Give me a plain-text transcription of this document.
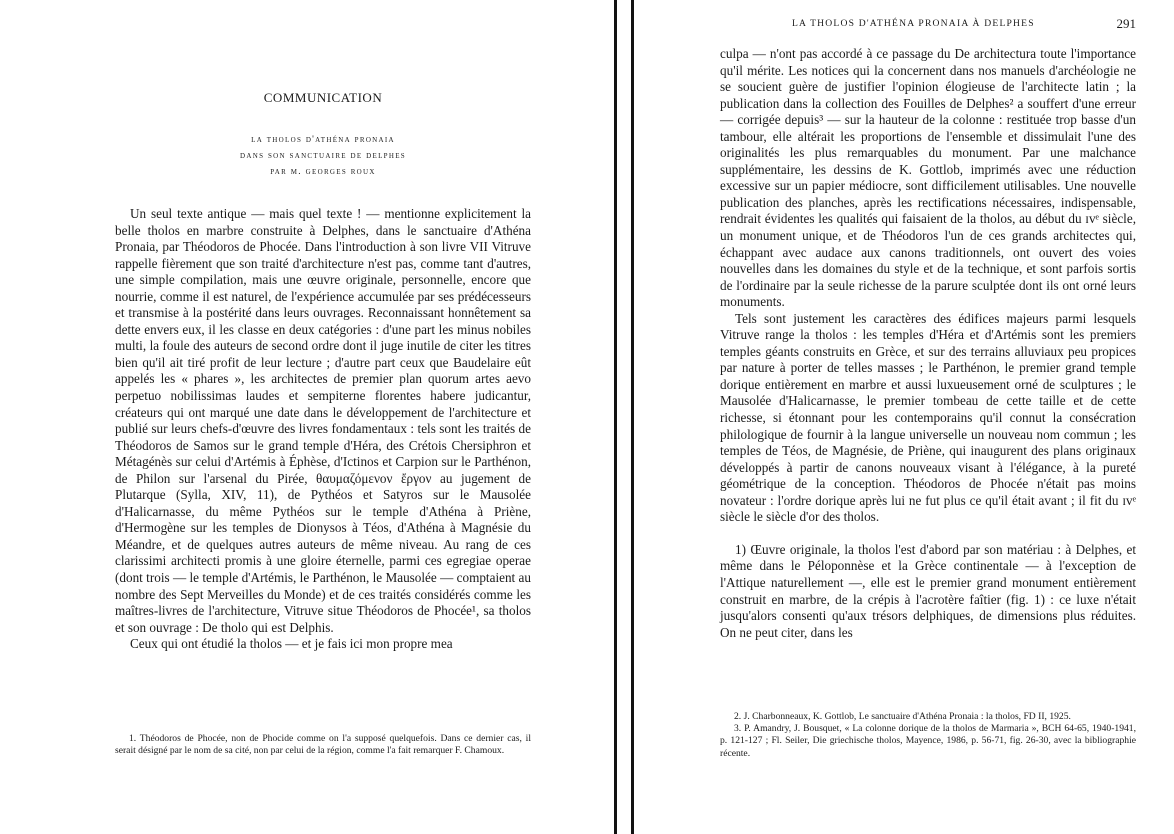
COMMUNICATION
la tholos d'athéna pronaia
dans son sanctuaire de delphes
par m. georges roux

Un seul texte antique — mais quel texte ! — mentionne explicitement la belle tholos en marbre construite à Delphes, dans le sanctuaire d'Athéna Pronaia, par Théodoros de Phocée. Dans l'introduction à son livre VII Vitruve rappelle fièrement que son traité d'architecture n'est pas, comme tant d'autres, une simple compilation, mais une œuvre originale, personnelle, encore que nourrie, comme il est naturel, de l'expérience accumulée par ses prédécesseurs et transmise à la postérité dans leurs ouvrages. Reconnaissant honnêtement sa dette envers eux, il les classe en deux catégories : d'une part les minus nobiles multi, la foule des auteurs de second ordre dont il juge inutile de citer les titres bien qu'il ait tiré profit de leur lecture ; d'autre part ceux que Baudelaire eût appelés les « phares », les architectes de premier plan quorum artes aevo perpetuo nobilissimas laudes et sempiterne florentes habere judicantur, créateurs qui ont marqué une date dans le développement de l'architecture et publié sur leurs chefs-d'œuvre des livres fondamentaux : tels sont les traités de Théodoros de Samos sur le grand temple d'Héra, des Crétois Chersiphron et Métagénès sur celui d'Artémis à Éphèse, d'Ictinos et Carpion sur le Parthénon, de Philon sur l'arsenal du Pirée, θαυμαζόμενον ἔργον au jugement de Plutarque (Sylla, XIV, 11), de Pythéos et Satyros sur le Mausolée d'Halicarnasse, du même Pythéos sur le temple d'Athéna à Priène, d'Hermogène sur les temples de Dionysos à Téos, d'Athéna à Magnésie du Méandre, et de quelques autres auteurs de même niveau. Au rang de ces clarissimi architecti promis à une gloire éternelle, parmi ces egregiae operae (dont trois — le temple d'Artémis, le Parthénon, le Mausolée — comptaient au nombre des Sept Merveilles du Monde) et de ces traités considérés comme les maîtres-livres de l'architecture, Vitruve situe Théodoros de Phocée¹, sa tholos et son ouvrage : De tholo qui est Delphis.

Ceux qui ont étudié la tholos — et je fais ici mon propre mea

1. Théodoros de Phocée, non de Phocide comme on l'a supposé quelquefois. Dans ce dernier cas, il serait désigné par le nom de sa cité, non par celui de la région, comme l'a fait remarquer F. Chamoux.

LA THOLOS D'ATHÉNA PRONAIA À DELPHES	291

culpa — n'ont pas accordé à ce passage du De architectura toute l'importance qu'il mérite. Les notices qui la concernent dans nos manuels d'archéologie ne se soucient guère de justifier l'opinion élogieuse de l'architecte latin ; la publication dans la collection des Fouilles de Delphes² a souffert d'une erreur — corrigée depuis³ — sur la hauteur de la colonne : restituée trop basse d'un tambour, elle altérait les proportions de l'ensemble et dissimulait l'une des originalités les plus remarquables du monument. Par une malchance supplémentaire, les dessins de K. Gottlob, imprimés avec une réduction excessive sur un papier médiocre, sont difficilement utilisables. Une nouvelle publication des planches, après les rectifications nécessaires, indispensable, rendrait évidentes les qualités qui faisaient de la tholos, au début du ɪvᵉ siècle, un monument unique, et de Théodoros l'un de ces grands architectes qui, échappant avec audace aux canons traditionnels, ont ouvert des voies nouvelles dans les domaines du style et de la technique, et sont parfois sortis de l'ordinaire par la seule richesse de la parure sculptée dont ils ont orné leurs monuments.

Tels sont justement les caractères des édifices majeurs parmi lesquels Vitruve range la tholos : les temples d'Héra et d'Artémis sont les premiers temples géants construits en Grèce, et sur des terrains alluviaux peu propices par nature à porter de telles masses ; le Parthénon, le premier grand temple dorique entièrement en marbre et aussi luxueusement orné de sculptures ; le Mausolée d'Halicarnasse, le premier tombeau de cette taille et de cette richesse, si étonnant pour les contemporains qu'il connut la consécration philologique de fournir à la langue universelle un nouveau nom commun ; les temples de Téos, de Magnésie, de Priène, qui inaugurent des plans originaux développés à partir de canons nouveaux visant à l'élégance, à la pureté géométrique de la conception. Théodoros de Phocée n'était pas moins novateur : l'ordre dorique après lui ne fut plus ce qu'il était avant ; il fit du ɪvᵉ siècle le siècle d'or des tholos.

1) Œuvre originale, la tholos l'est d'abord par son matériau : à Delphes, et même dans le Péloponnèse et la Grèce continentale — à l'exception de l'Attique naturellement —, elle est le premier grand monument entièrement construit en marbre, de la crépis à l'acrotère faîtier (fig. 1) : ce luxe n'était jusqu'alors consenti qu'aux trésors delphiques, de dimensions plus réduites. On ne peut citer, dans les

2. J. Charbonneaux, K. Gottlob, Le sanctuaire d'Athéna Pronaia : la tholos, FD II, 1925.

3. P. Amandry, J. Bousquet, « La colonne dorique de la tholos de Marmaria », BCH 64-65, 1940-1941, p. 121-127 ; Fl. Seiler, Die griechische tholos, Mayence, 1986, p. 56-71, fig. 26-30, avec la bibliographie récente.
